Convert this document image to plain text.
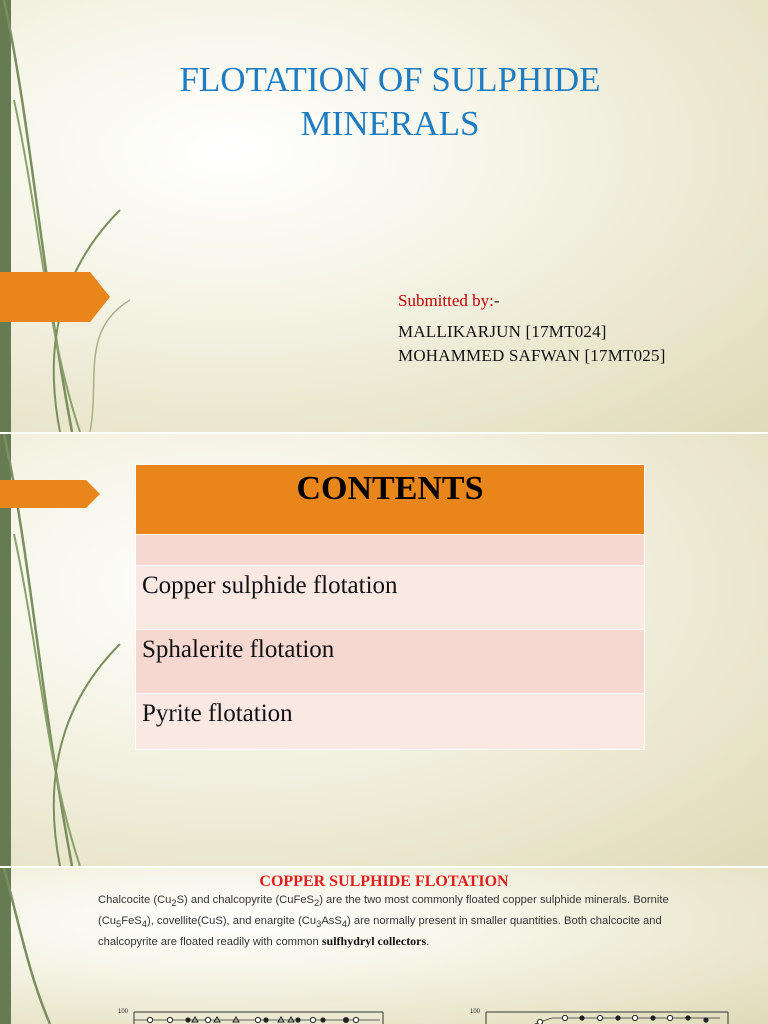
FLOTATION OF SULPHIDE MINERALS
Submitted by:-
MALLIKARJUN [17MT024]
MOHAMMED SAFWAN [17MT025]
CONTENTS
Copper sulphide flotation
Sphalerite flotation
Pyrite flotation
COPPER SULPHIDE FLOTATION
Chalcocite $(Cu_2S)$ and chalcopyrite (CuFeS$_2$) are the two most commonly floated copper sulphide minerals. Bornite $(Cu_5FeS_4)$, covellite(CuS), and enargite $(Cu_3AsS_4)$ are normally present in smaller quantities. Both chalcocite and chalcopyrite are floated readily with common sulfhydryl collectors.
100	100
